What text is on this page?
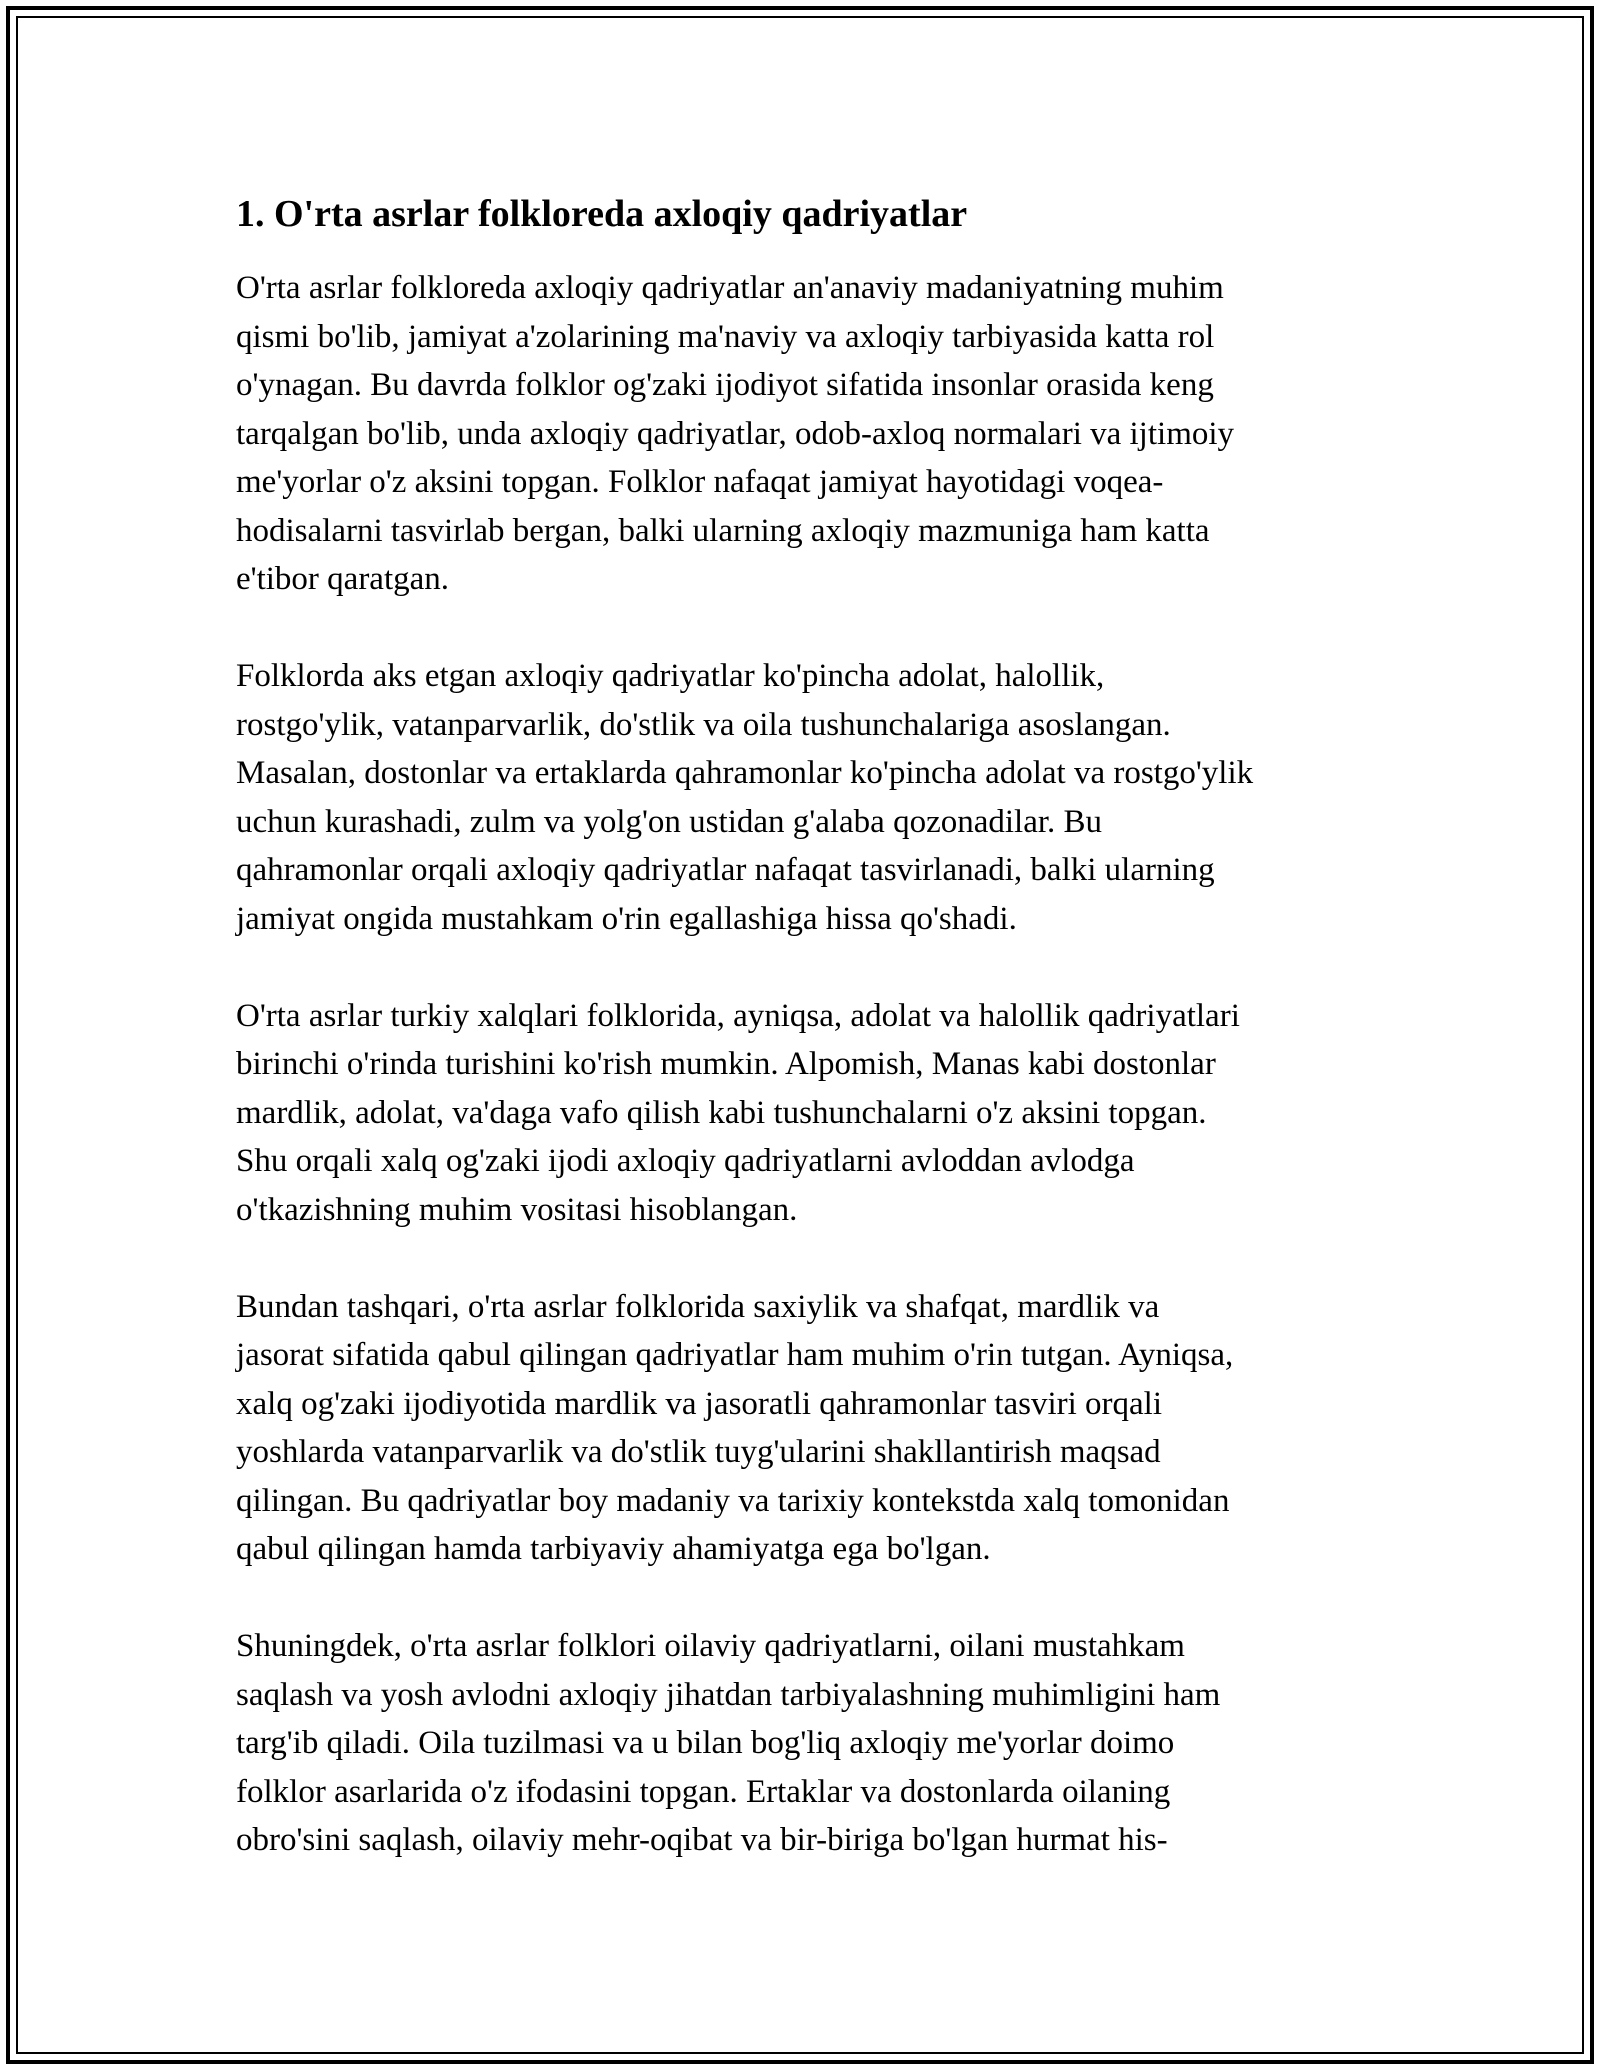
1. O'rta asrlar folkloreda axloqiy qadriyatlar

O'rta asrlar folkloreda axloqiy qadriyatlar an'anaviy madaniyatning muhim
qismi bo'lib, jamiyat a'zolarining ma'naviy va axloqiy tarbiyasida katta rol
o'ynagan. Bu davrda folklor og'zaki ijodiyot sifatida insonlar orasida keng
tarqalgan bo'lib, unda axloqiy qadriyatlar, odob-axloq normalari va ijtimoiy
me'yorlar o'z aksini topgan. Folklor nafaqat jamiyat hayotidagi voqea-
hodisalarni tasvirlab bergan, balki ularning axloqiy mazmuniga ham katta
e'tibor qaratgan.

Folklorda aks etgan axloqiy qadriyatlar ko'pincha adolat, halollik,
rostgo'ylik, vatanparvarlik, do'stlik va oila tushunchalariga asoslangan.
Masalan, dostonlar va ertaklarda qahramonlar ko'pincha adolat va rostgo'ylik
uchun kurashadi, zulm va yolg'on ustidan g'alaba qozonadilar. Bu
qahramonlar orqali axloqiy qadriyatlar nafaqat tasvirlanadi, balki ularning
jamiyat ongida mustahkam o'rin egallashiga hissa qo'shadi.

O'rta asrlar turkiy xalqlari folklorida, ayniqsa, adolat va halollik qadriyatlari
birinchi o'rinda turishini ko'rish mumkin. Alpomish, Manas kabi dostonlar
mardlik, adolat, va'daga vafo qilish kabi tushunchalarni o'z aksini topgan.
Shu orqali xalq og'zaki ijodi axloqiy qadriyatlarni avloddan avlodga
o'tkazishning muhim vositasi hisoblangan.

Bundan tashqari, o'rta asrlar folklorida saxiylik va shafqat, mardlik va
jasorat sifatida qabul qilingan qadriyatlar ham muhim o'rin tutgan. Ayniqsa,
xalq og'zaki ijodiyotida mardlik va jasoratli qahramonlar tasviri orqali
yoshlarda vatanparvarlik va do'stlik tuyg'ularini shakllantirish maqsad
qilingan. Bu qadriyatlar boy madaniy va tarixiy kontekstda xalq tomonidan
qabul qilingan hamda tarbiyaviy ahamiyatga ega bo'lgan.

Shuningdek, o'rta asrlar folklori oilaviy qadriyatlarni, oilani mustahkam
saqlash va yosh avlodni axloqiy jihatdan tarbiyalashning muhimligini ham
targ'ib qiladi. Oila tuzilmasi va u bilan bog'liq axloqiy me'yorlar doimo
folklor asarlarida o'z ifodasini topgan. Ertaklar va dostonlarda oilaning
obro'sini saqlash, oilaviy mehr-oqibat va bir-biriga bo'lgan hurmat his-
